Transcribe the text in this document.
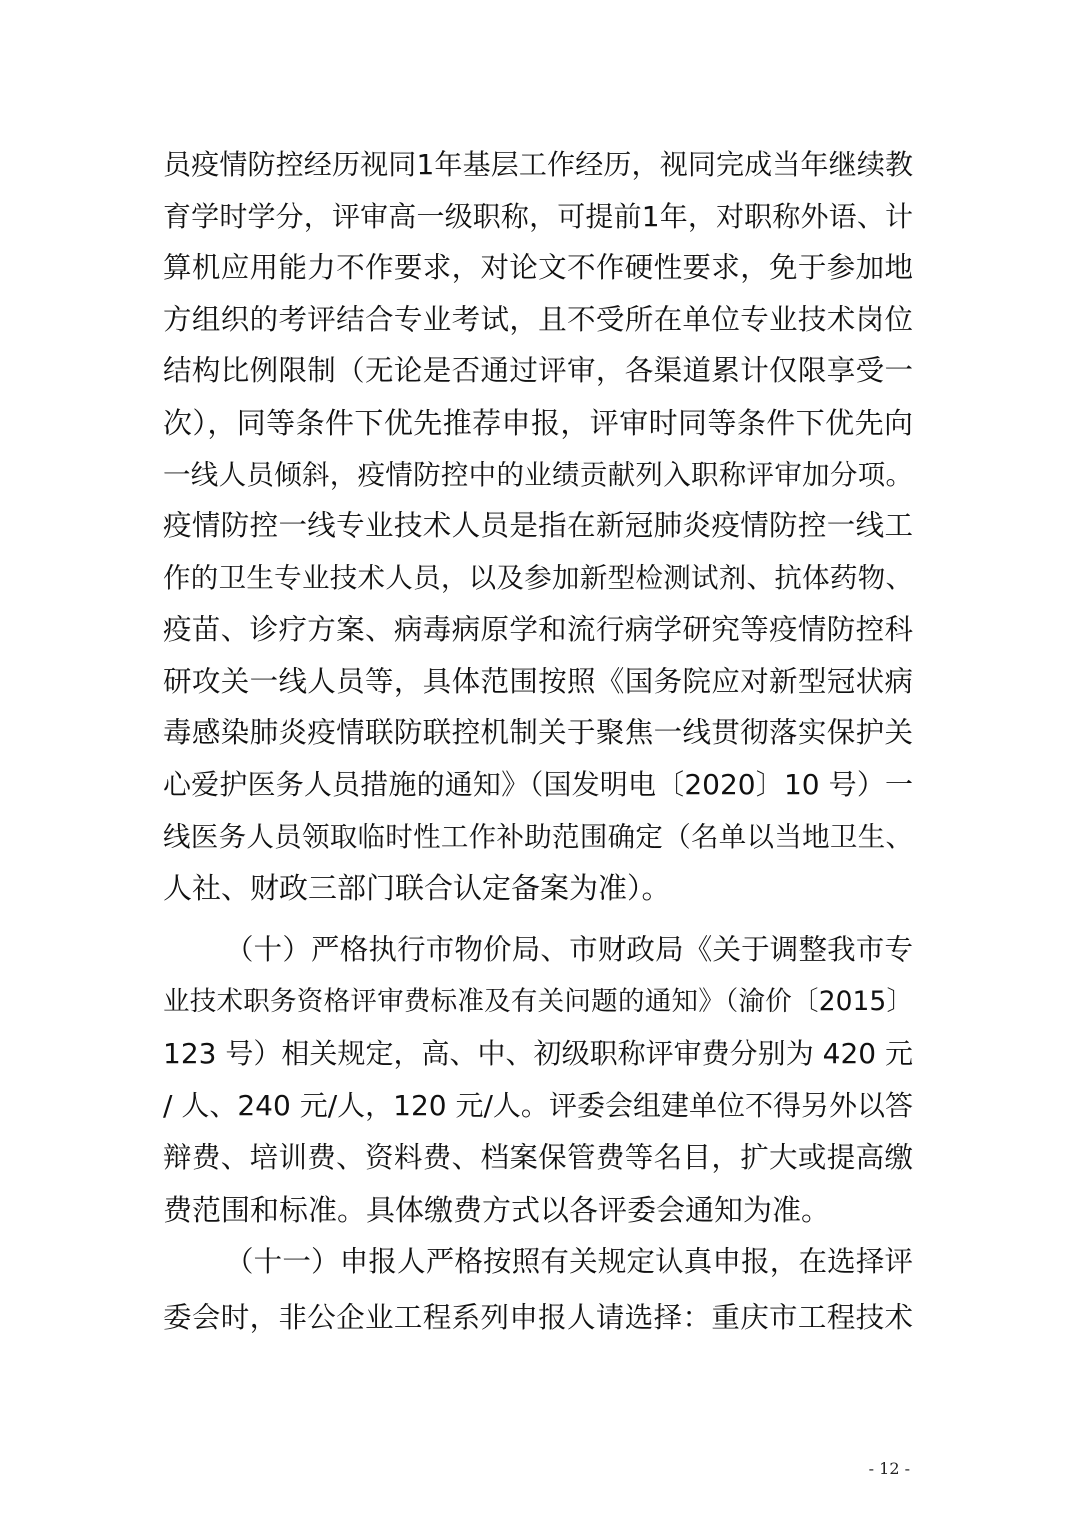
员疫情防控经历视同1年基层工作经历，视同完成当年继续教
育学时学分，评审高一级职称，可提前1年，对职称外语、计
算机应用能力不作要求，对论文不作硬性要求，免于参加地
方组织的考评结合专业考试，且不受所在单位专业技术岗位
结构比例限制（无论是否通过评审，各渠道累计仅限享受一
次），同等条件下优先推荐申报，评审时同等条件下优先向
一线人员倾斜，疫情防控中的业绩贡献列入职称评审加分项。
疫情防控一线专业技术人员是指在新冠肺炎疫情防控一线工
作的卫生专业技术人员，以及参加新型检测试剂、抗体药物、
疫苗、诊疗方案、病毒病原学和流行病学研究等疫情防控科
研攻关一线人员等，具体范围按照《国务院应对新型冠状病
毒感染肺炎疫情联防联控机制关于聚焦一线贯彻落实保护关
心爱护医务人员措施的通知》（国发明电〔2020〕10 号）一
线医务人员领取临时性工作补助范围确定（名单以当地卫生、
人社、财政三部门联合认定备案为准）。
（十）严格执行市物价局、市财政局《关于调整我市专
业技术职务资格评审费标准及有关问题的通知》（渝价〔2015〕
123 号）相关规定，高、中、初级职称评审费分别为 420 元
/ 人、240 元/人，120 元/人。评委会组建单位不得另外以答
辩费、培训费、资料费、档案保管费等名目，扩大或提高缴
费范围和标准。具体缴费方式以各评委会通知为准。
（十一）申报人严格按照有关规定认真申报，在选择评
委会时，非公企业工程系列申报人请选择：重庆市工程技术
- 12 -
